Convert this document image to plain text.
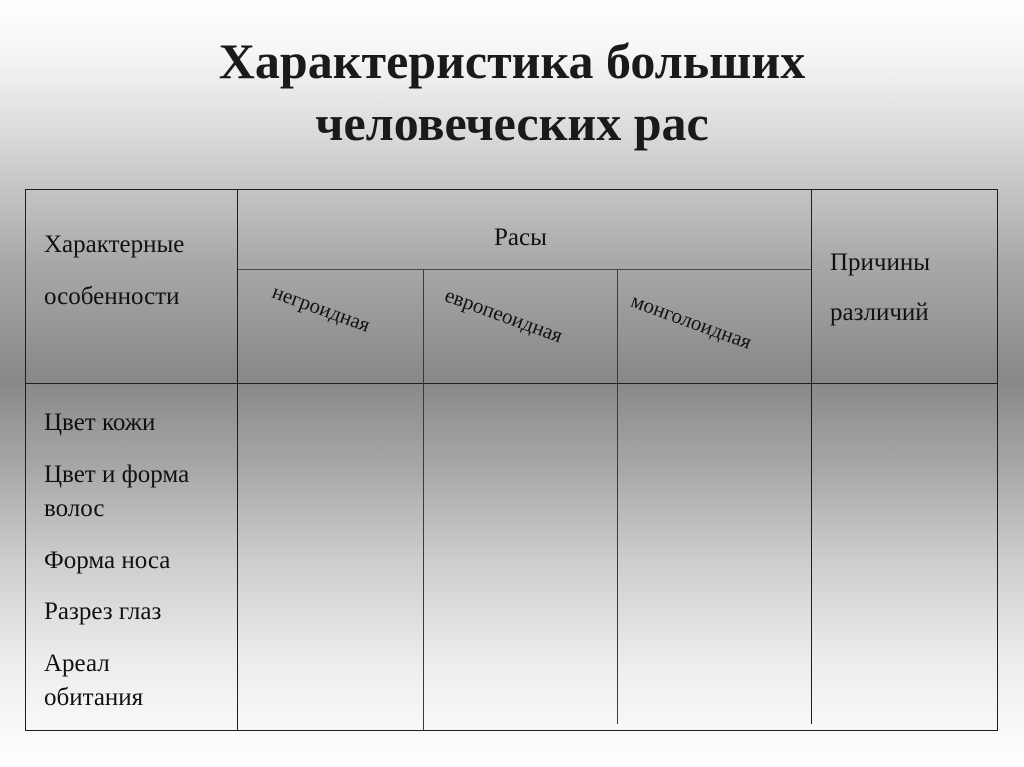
Характеристика больших
человеческих рас
Характерные
особенности
Расы
негроидная	европеоидная	монголоидная
Причины
различий
Цвет кожи
Цвет и форма
волос
Форма носа
Разрез глаз
Ареал
обитания
